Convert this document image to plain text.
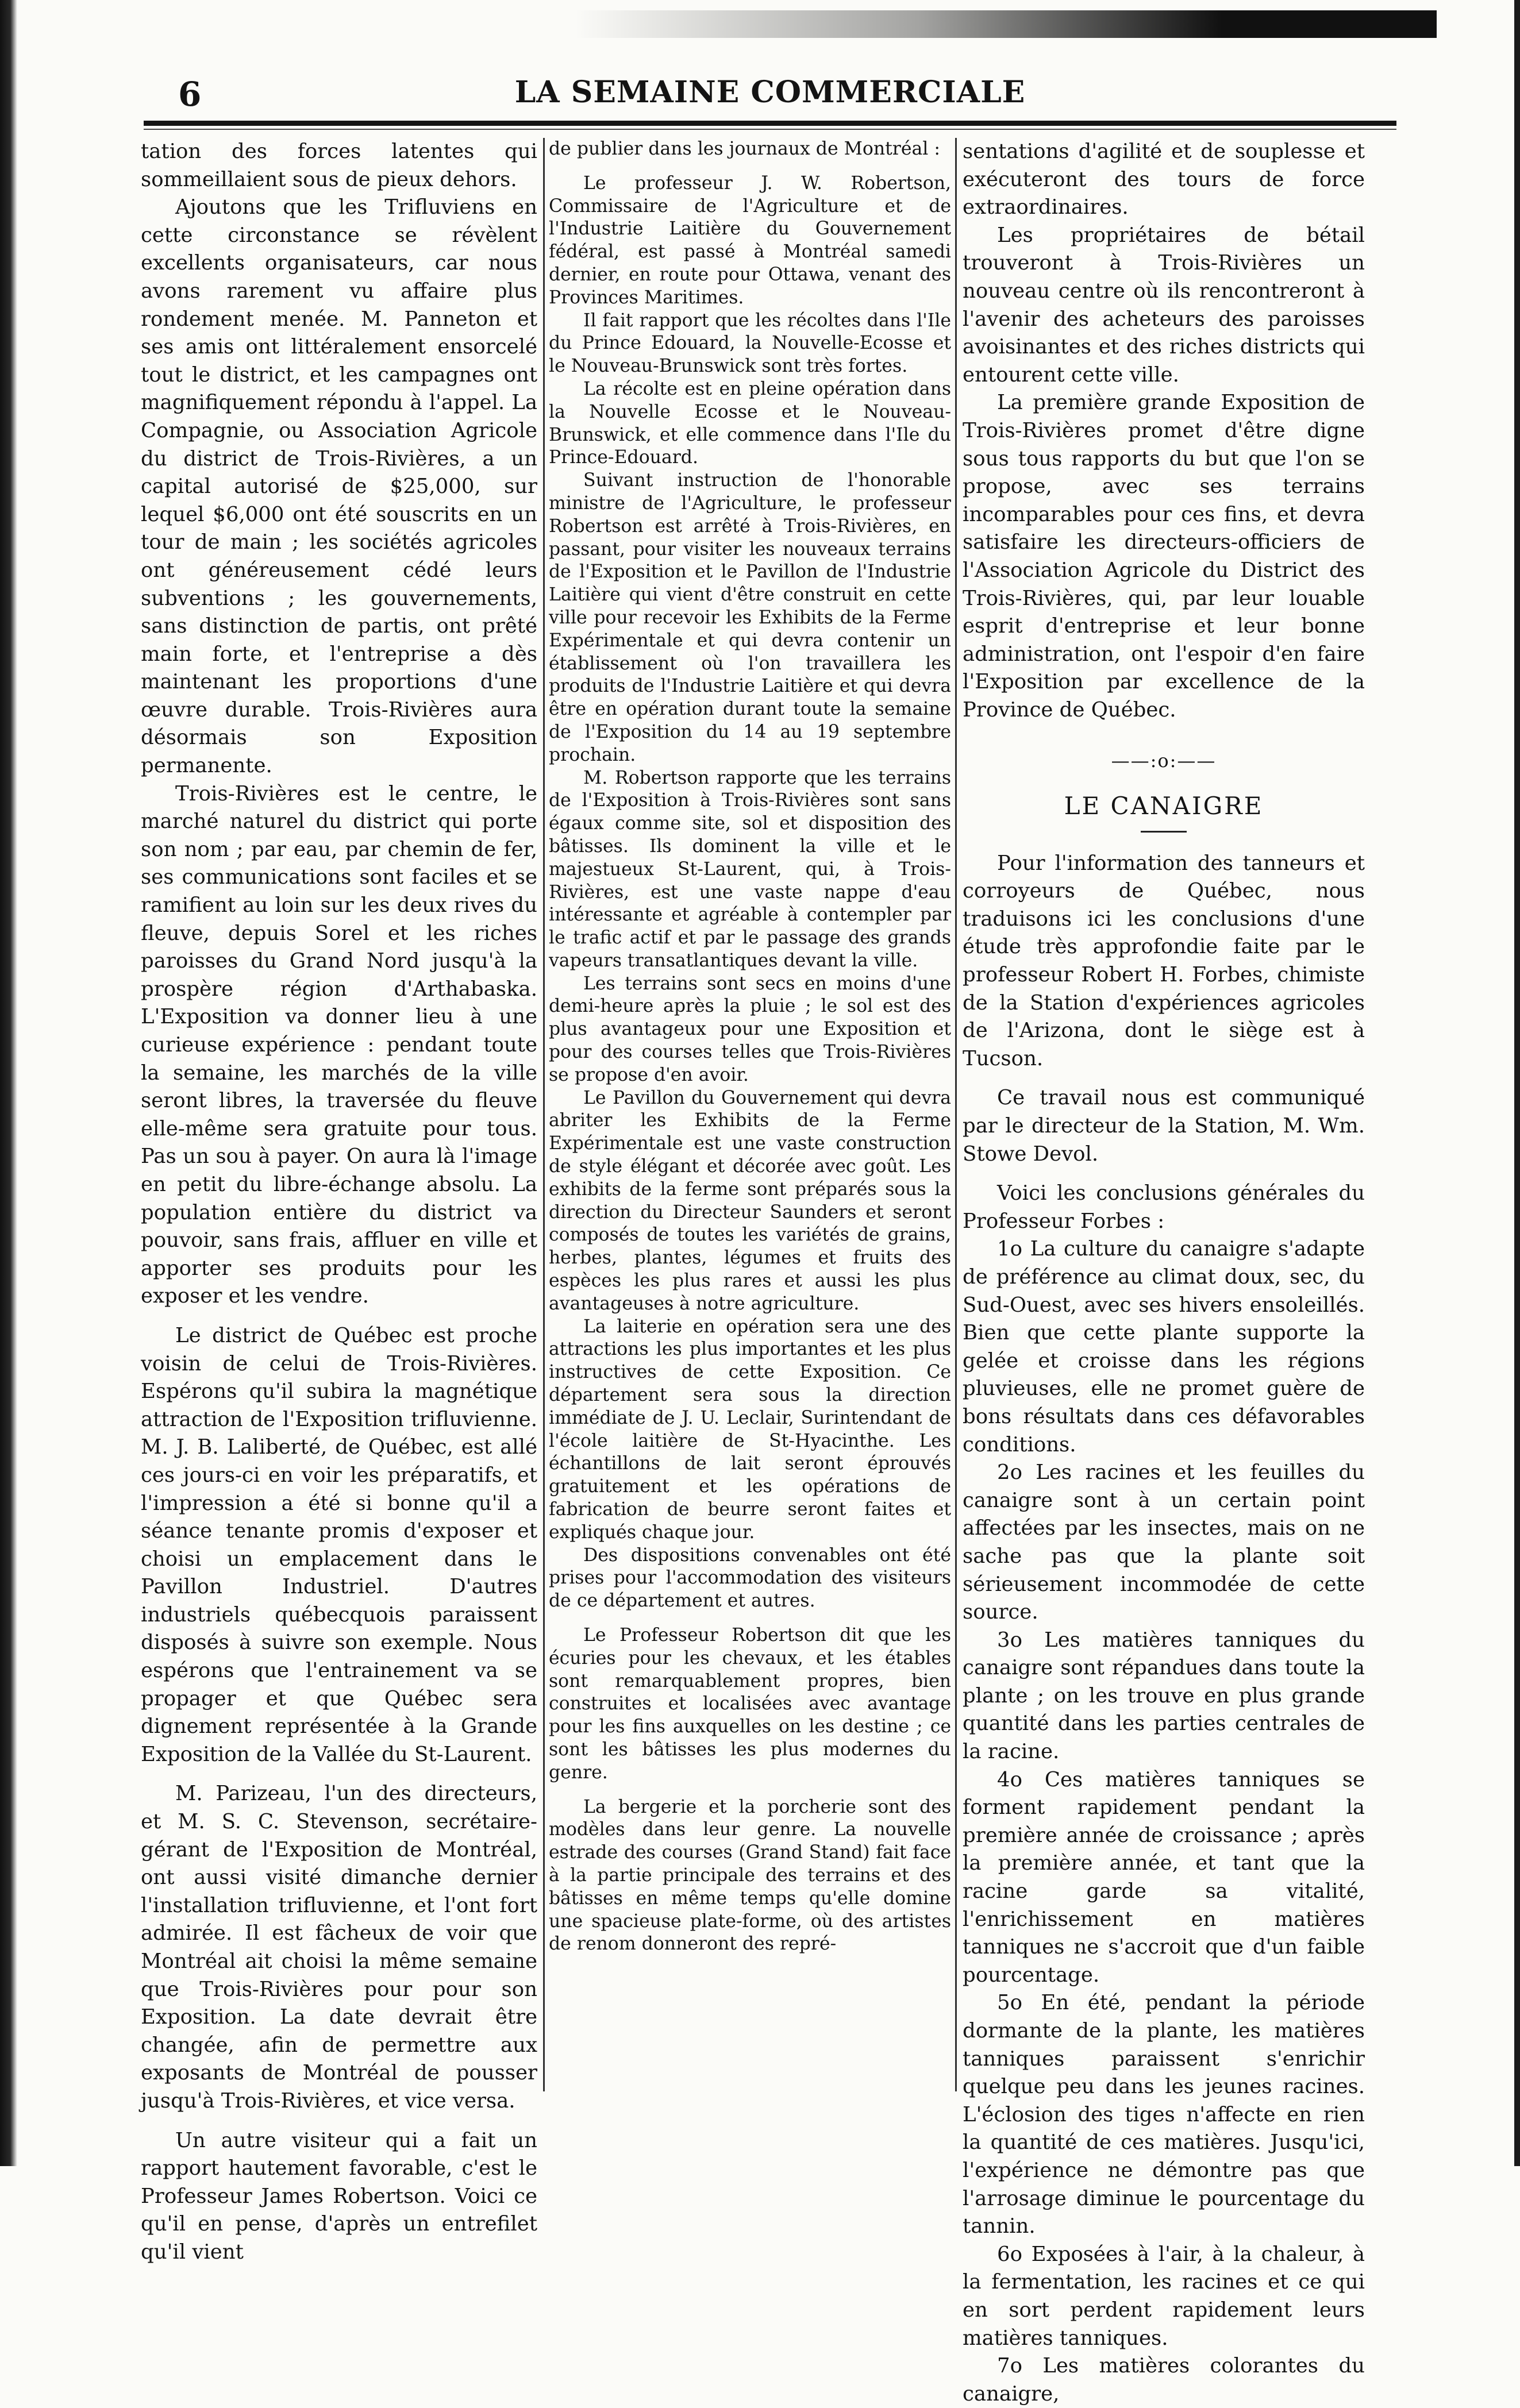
6	LA SEMAINE COMMERCIALE

tation des forces latentes qui sommeillaient sous de pieux dehors.

Ajoutons que les Trifluviens en cette circonstance se révèlent excellents organisateurs, car nous avons rarement vu affaire plus rondement menée. M. Panneton et ses amis ont littéralement ensorcelé tout le district, et les campagnes ont magnifiquement répondu à l'appel. La Compagnie, ou Association Agricole du district de Trois-Rivières, a un capital autorisé de $25,000, sur lequel $6,000 ont été souscrits en un tour de main ; les sociétés agricoles ont généreusement cédé leurs subventions ; les gouvernements, sans distinction de partis, ont prêté main forte, et l'entreprise a dès maintenant les proportions d'une œuvre durable. Trois-Rivières aura désormais son Exposition permanente.

Trois-Rivières est le centre, le marché naturel du district qui porte son nom ; par eau, par chemin de fer, ses communications sont faciles et se ramifient au loin sur les deux rives du fleuve, depuis Sorel et les riches paroisses du Grand Nord jusqu'à la prospère région d'Arthabaska. L'Exposition va donner lieu à une curieuse expérience : pendant toute la semaine, les marchés de la ville seront libres, la traversée du fleuve elle-même sera gratuite pour tous. Pas un sou à payer. On aura là l'image en petit du libre-échange absolu. La population entière du district va pouvoir, sans frais, affluer en ville et apporter ses produits pour les exposer et les vendre.

Le district de Québec est proche voisin de celui de Trois-Rivières. Espérons qu'il subira la magnétique attraction de l'Exposition trifluvienne. M. J. B. Laliberté, de Québec, est allé ces jours-ci en voir les préparatifs, et l'impression a été si bonne qu'il a séance tenante promis d'exposer et choisi un emplacement dans le Pavillon Industriel. D'autres industriels québecquois paraissent disposés à suivre son exemple. Nous espérons que l'entrainement va se propager et que Québec sera dignement représentée à la Grande Exposition de la Vallée du St-Laurent.

M. Parizeau, l'un des directeurs, et M. S. C. Stevenson, secrétaire-gérant de l'Exposition de Montréal, ont aussi visité dimanche dernier l'installation trifluvienne, et l'ont fort admirée. Il est fâcheux de voir que Montréal ait choisi la même semaine que Trois-Rivières pour pour son Exposition. La date devrait être changée, afin de permettre aux exposants de Montréal de pousser jusqu'à Trois-Rivières, et vice versa.

Un autre visiteur qui a fait un rapport hautement favorable, c'est le Professeur James Robertson. Voici ce qu'il en pense, d'après un entrefilet qu'il vient

de publier dans les journaux de Montréal :

Le professeur J. W. Robertson, Commissaire de l'Agriculture et de l'Industrie Laitière du Gouvernement fédéral, est passé à Montréal samedi dernier, en route pour Ottawa, venant des Provinces Maritimes.

Il fait rapport que les récoltes dans l'Ile du Prince Edouard, la Nouvelle-Ecosse et le Nouveau-Brunswick sont très fortes.

La récolte est en pleine opération dans la Nouvelle Ecosse et le Nouveau-Brunswick, et elle commence dans l'Ile du Prince-Edouard.

Suivant instruction de l'honorable ministre de l'Agriculture, le professeur Robertson est arrêté à Trois-Rivières, en passant, pour visiter les nouveaux terrains de l'Exposition et le Pavillon de l'Industrie Laitière qui vient d'être construit en cette ville pour recevoir les Exhibits de la Ferme Expérimentale et qui devra contenir un établissement où l'on travaillera les produits de l'Industrie Laitière et qui devra être en opération durant toute la semaine de l'Exposition du 14 au 19 septembre prochain.

M. Robertson rapporte que les terrains de l'Exposition à Trois-Rivières sont sans égaux comme site, sol et disposition des bâtisses. Ils dominent la ville et le majestueux St-Laurent, qui, à Trois-Rivières, est une vaste nappe d'eau intéressante et agréable à contempler par le trafic actif et par le passage des grands vapeurs transatlantiques devant la ville.

Les terrains sont secs en moins d'une demi-heure après la pluie ; le sol est des plus avantageux pour une Exposition et pour des courses telles que Trois-Rivières se propose d'en avoir.

Le Pavillon du Gouvernement qui devra abriter les Exhibits de la Ferme Expérimentale est une vaste construction de style élégant et décorée avec goût. Les exhibits de la ferme sont préparés sous la direction du Directeur Saunders et seront composés de toutes les variétés de grains, herbes, plantes, légumes et fruits des espèces les plus rares et aussi les plus avantageuses à notre agriculture.

La laiterie en opération sera une des attractions les plus importantes et les plus instructives de cette Exposition. Ce département sera sous la direction immédiate de J. U. Leclair, Surintendant de l'école laitière de St-Hyacinthe. Les échantillons de lait seront éprouvés gratuitement et les opérations de fabrication de beurre seront faites et expliqués chaque jour.

Des dispositions convenables ont été prises pour l'accommodation des visiteurs de ce département et autres.

Le Professeur Robertson dit que les écuries pour les chevaux, et les étables sont remarquablement propres, bien construites et localisées avec avantage pour les fins auxquelles on les destine ; ce sont les bâtisses les plus modernes du genre.

La bergerie et la porcherie sont des modèles dans leur genre. La nouvelle estrade des courses (Grand Stand) fait face à la partie principale des terrains et des bâtisses en même temps qu'elle domine une spacieuse plate-forme, où des artistes de renom donneront des repré-

sentations d'agilité et de souplesse et exécuteront des tours de force extraordinaires.

Les propriétaires de bétail trouveront à Trois-Rivières un nouveau centre où ils rencontreront à l'avenir des acheteurs des paroisses avoisinantes et des riches districts qui entourent cette ville.

La première grande Exposition de Trois-Rivières promet d'être digne sous tous rapports du but que l'on se propose, avec ses terrains incomparables pour ces fins, et devra satisfaire les directeurs-officiers de l'Association Agricole du District des Trois-Rivières, qui, par leur louable esprit d'entreprise et leur bonne administration, ont l'espoir d'en faire l'Exposition par excellence de la Province de Québec.

——:o:——
LE CANAIGRE

Pour l'information des tanneurs et corroyeurs de Québec, nous traduisons ici les conclusions d'une étude très approfondie faite par le professeur Robert H. Forbes, chimiste de la Station d'expériences agricoles de l'Arizona, dont le siège est à Tucson.

Ce travail nous est communiqué par le directeur de la Station, M. Wm. Stowe Devol.

Voici les conclusions générales du Professeur Forbes :

1o La culture du canaigre s'adapte de préférence au climat doux, sec, du Sud-Ouest, avec ses hivers ensoleillés. Bien que cette plante supporte la gelée et croisse dans les régions pluvieuses, elle ne promet guère de bons résultats dans ces défavorables conditions.

2o Les racines et les feuilles du canaigre sont à un certain point affectées par les insectes, mais on ne sache pas que la plante soit sérieusement incommodée de cette source.

3o Les matières tanniques du canaigre sont répandues dans toute la plante ; on les trouve en plus grande quantité dans les parties centrales de la racine.

4o Ces matières tanniques se forment rapidement pendant la première année de croissance ; après la première année, et tant que la racine garde sa vitalité, l'enrichissement en matières tanniques ne s'accroit que d'un faible pourcentage.

5o En été, pendant la période dormante de la plante, les matières tanniques paraissent s'enrichir quelque peu dans les jeunes racines. L'éclosion des tiges n'affecte en rien la quantité de ces matières. Jusqu'ici, l'expérience ne démontre pas que l'arrosage diminue le pourcentage du tannin.

6o Exposées à l'air, à la chaleur, à la fermentation, les racines et ce qui en sort perdent rapidement leurs matières tanniques.

7o Les matières colorantes du canaigre,
